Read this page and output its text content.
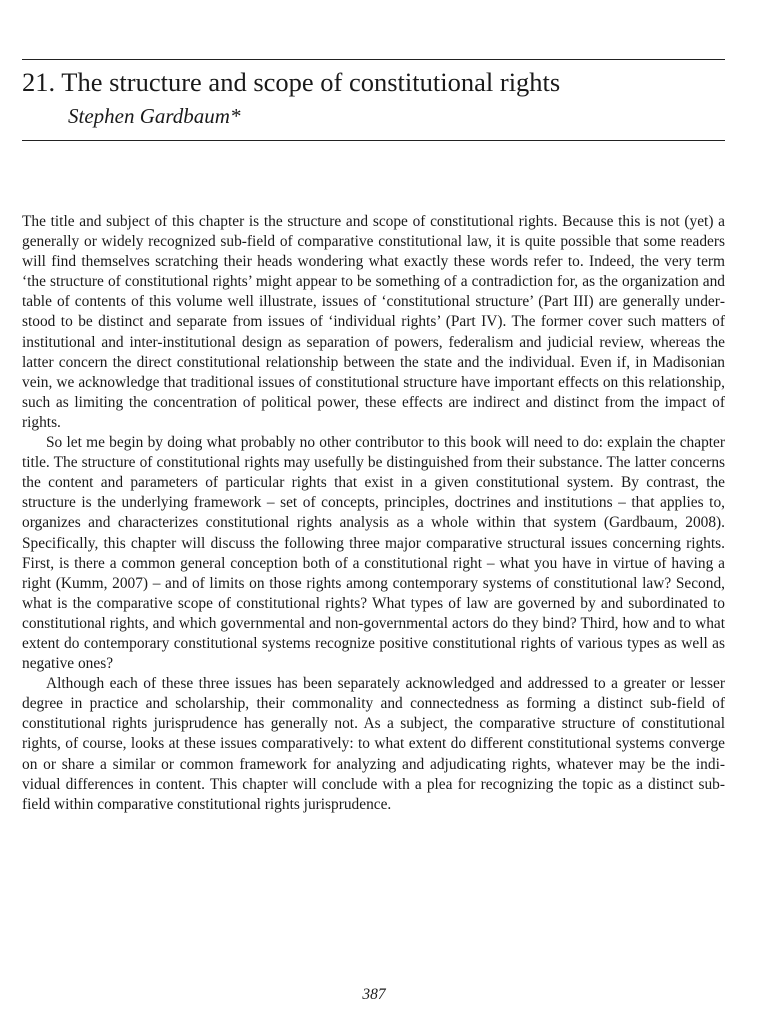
21. The structure and scope of constitutional rights
Stephen Gardbaum*

The title and subject of this chapter is the structure and scope of constitutional rights. Because this is not (yet) a generally or widely recognized sub-field of comparative constitutional law, it is quite possible that some readers will find themselves scratching their heads wondering what exactly these words refer to. Indeed, the very term ‘the structure of constitutional rights’ might appear to be something of a contradiction for, as the organization and table of contents of this volume well illustrate, issues of ‘constitutional structure’ (Part III) are generally understood to be distinct and separate from issues of ‘individual rights’ (Part IV). The former cover such matters of institutional and inter-institutional design as separation of powers, federalism and judicial review, whereas the latter concern the direct constitutional relationship between the state and the individual. Even if, in Madisonian vein, we acknowledge that traditional issues of constitutional structure have important effects on this relationship, such as limiting the concentration of political power, these effects are indirect and distinct from the impact of rights.

So let me begin by doing what probably no other contributor to this book will need to do: explain the chapter title. The structure of constitutional rights may usefully be distinguished from their substance. The latter concerns the content and parameters of particular rights that exist in a given constitutional system. By contrast, the structure is the underlying framework – set of concepts, principles, doctrines and institutions – that applies to, organizes and characterizes constitutional rights analysis as a whole within that system (Gardbaum, 2008). Specifically, this chapter will discuss the following three major comparative structural issues concerning rights. First, is there a common general conception both of a constitutional right – what you have in virtue of having a right (Kumm, 2007) – and of limits on those rights among contemporary systems of constitutional law? Second, what is the comparative scope of constitutional rights? What types of law are governed by and subordinated to constitutional rights, and which governmental and non-governmental actors do they bind? Third, how and to what extent do contemporary constitutional systems recognize positive constitutional rights of various types as well as negative ones?

Although each of these three issues has been separately acknowledged and addressed to a greater or lesser degree in practice and scholarship, their commonality and connectedness as forming a distinct sub-field of constitutional rights jurisprudence has generally not. As a subject, the comparative structure of constitutional rights, of course, looks at these issues comparatively: to what extent do different constitutional systems converge on or share a similar or common framework for analyzing and adjudicating rights, whatever may be the individual differences in content. This chapter will conclude with a plea for recognizing the topic as a distinct sub-field within comparative constitutional rights jurisprudence.

387
